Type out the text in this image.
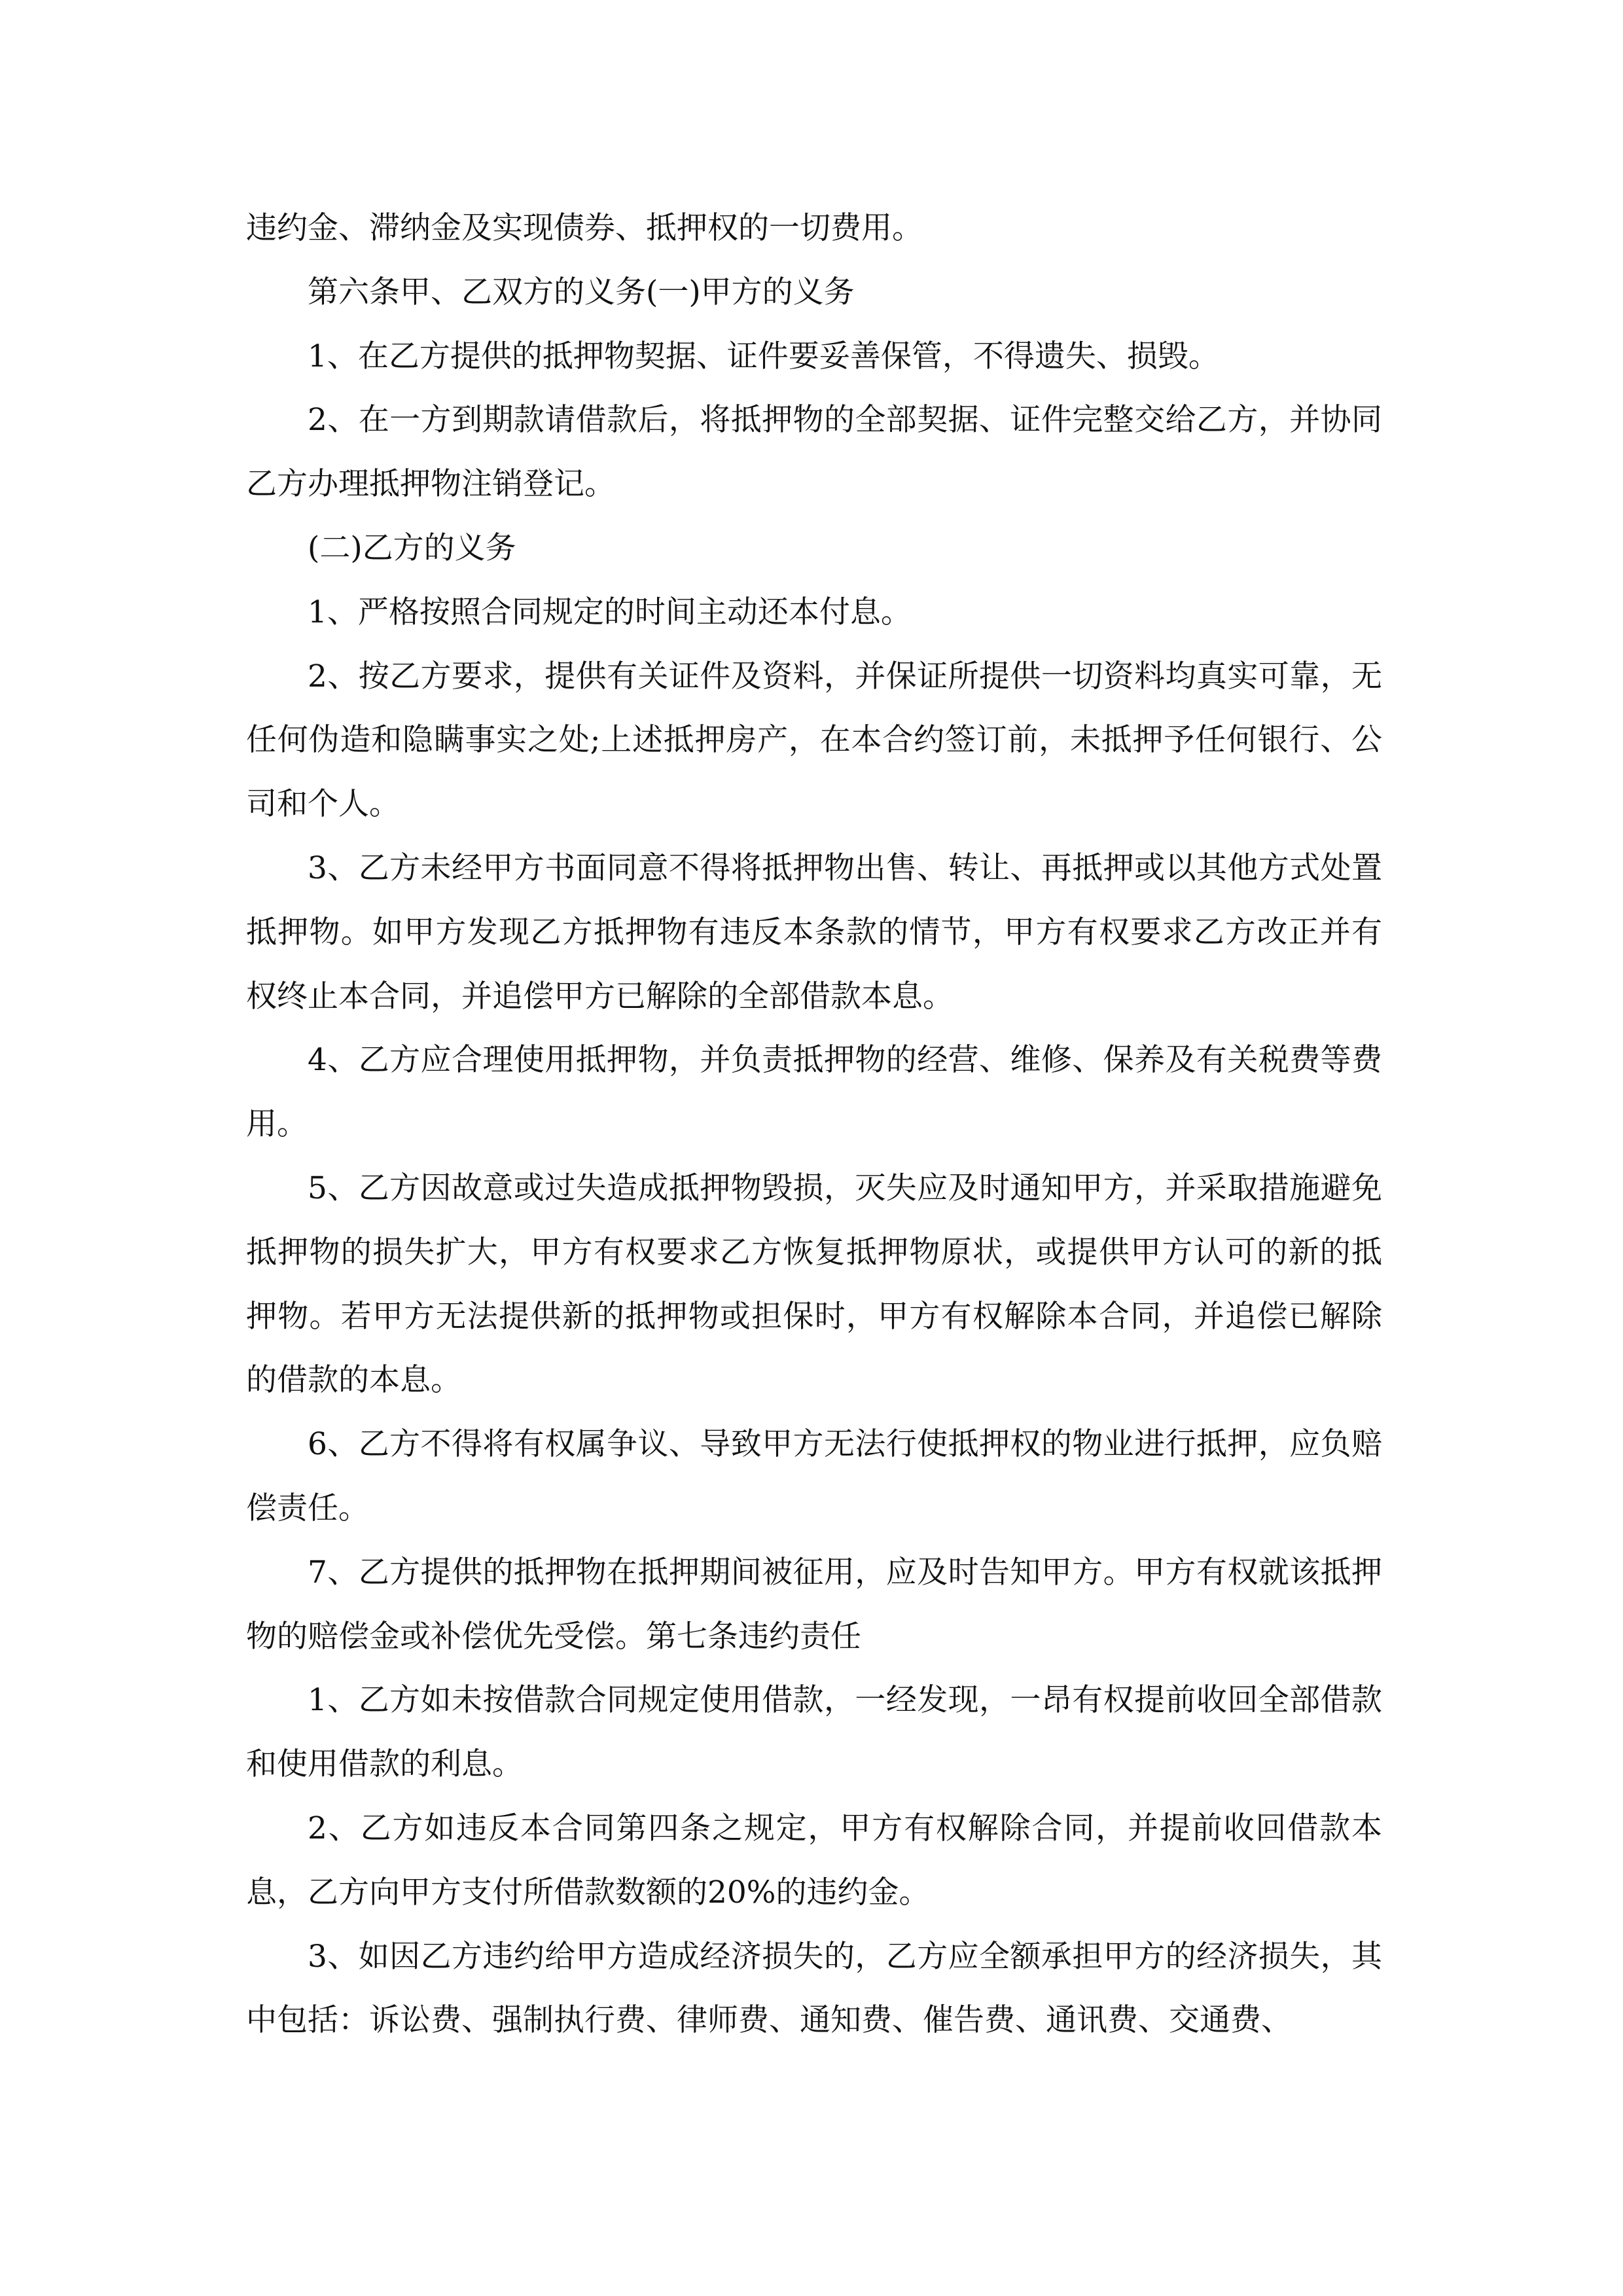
违约金、滞纳金及实现债券、抵押权的一切费用。

第六条甲、乙双方的义务(一)甲方的义务

1、在乙方提供的抵押物契据、证件要妥善保管，不得遗失、损毁。

2、在一方到期款请借款后，将抵押物的全部契据、证件完整交给乙方，并协同乙方办理抵押物注销登记。

(二)乙方的义务

1、严格按照合同规定的时间主动还本付息。

2、按乙方要求，提供有关证件及资料，并保证所提供一切资料均真实可靠，无任何伪造和隐瞒事实之处;上述抵押房产，在本合约签订前，未抵押予任何银行、公司和个人。

3、乙方未经甲方书面同意不得将抵押物出售、转让、再抵押或以其他方式处置抵押物。如甲方发现乙方抵押物有违反本条款的情节，甲方有权要求乙方改正并有权终止本合同，并追偿甲方已解除的全部借款本息。

4、乙方应合理使用抵押物，并负责抵押物的经营、维修、保养及有关税费等费用。

5、乙方因故意或过失造成抵押物毁损，灭失应及时通知甲方，并采取措施避免抵押物的损失扩大，甲方有权要求乙方恢复抵押物原状，或提供甲方认可的新的抵押物。若甲方无法提供新的抵押物或担保时，甲方有权解除本合同，并追偿已解除的借款的本息。

6、乙方不得将有权属争议、导致甲方无法行使抵押权的物业进行抵押，应负赔偿责任。

7、乙方提供的抵押物在抵押期间被征用，应及时告知甲方。甲方有权就该抵押物的赔偿金或补偿优先受偿。第七条违约责任

1、乙方如未按借款合同规定使用借款，一经发现，一昂有权提前收回全部借款和使用借款的利息。

2、乙方如违反本合同第四条之规定，甲方有权解除合同，并提前收回借款本息，乙方向甲方支付所借款数额的20%的违约金。

3、如因乙方违约给甲方造成经济损失的，乙方应全额承担甲方的经济损失，其中包括：诉讼费、强制执行费、律师费、通知费、催告费、通讯费、交通费、
